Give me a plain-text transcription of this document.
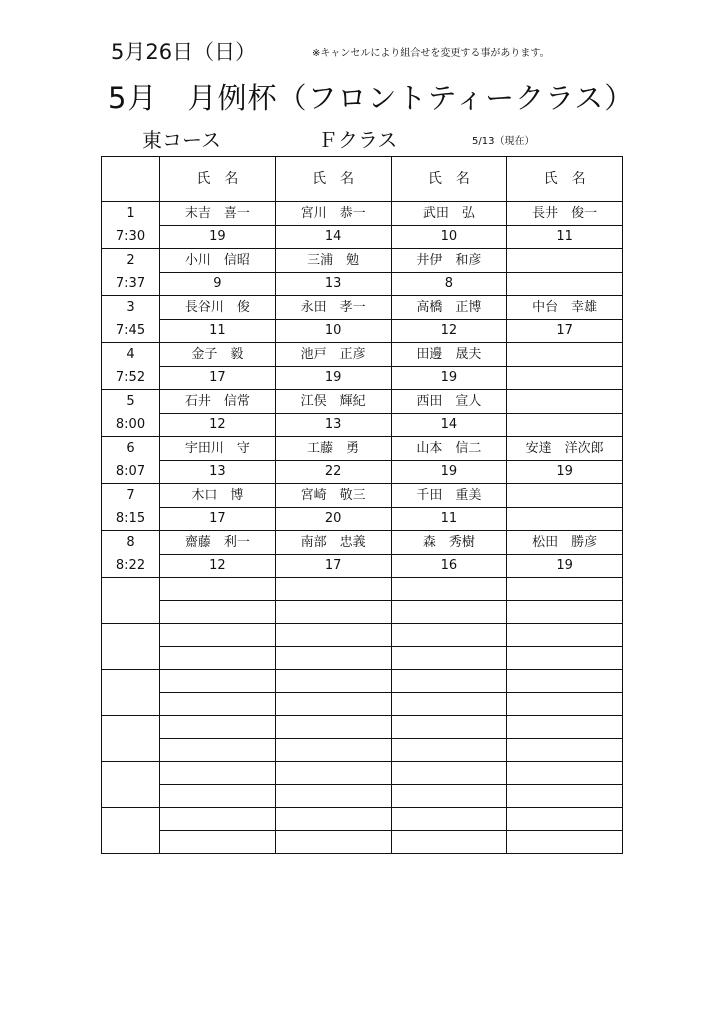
5月26日（日）	※キャンセルにより組合せを変更する事があります。
5月　月例杯（フロントティークラス）
東コース	Ｆクラス	5/13（現在）
	氏　名	氏　名	氏　名	氏　名

1
7:30	末吉　喜一	宮川　恭一	武田　弘	長井　俊一
	19	14	10	11

2
7:37	小川　信昭	三浦　勉	井伊　和彦	
	9	13	8	

3
7:45	長谷川　俊	永田　孝一	高橋　正博	中台　幸雄
	11	10	12	17

4
7:52	金子　毅	池戸　正彦	田邊　晟夫	
	17	19	19	

5
8:00	石井　信常	江俣　輝紀	西田　宣人	
	12	13	14	

6
8:07	宇田川　守	工藤　勇	山本　信二	安達　洋次郎
	13	22	19	19

7
8:15	木口　博	宮崎　敬三	千田　重美	
	17	20	11	

8
8:22	齋藤　利一	南部　忠義	森　秀樹	松田　勝彦
	12	17	16	19
